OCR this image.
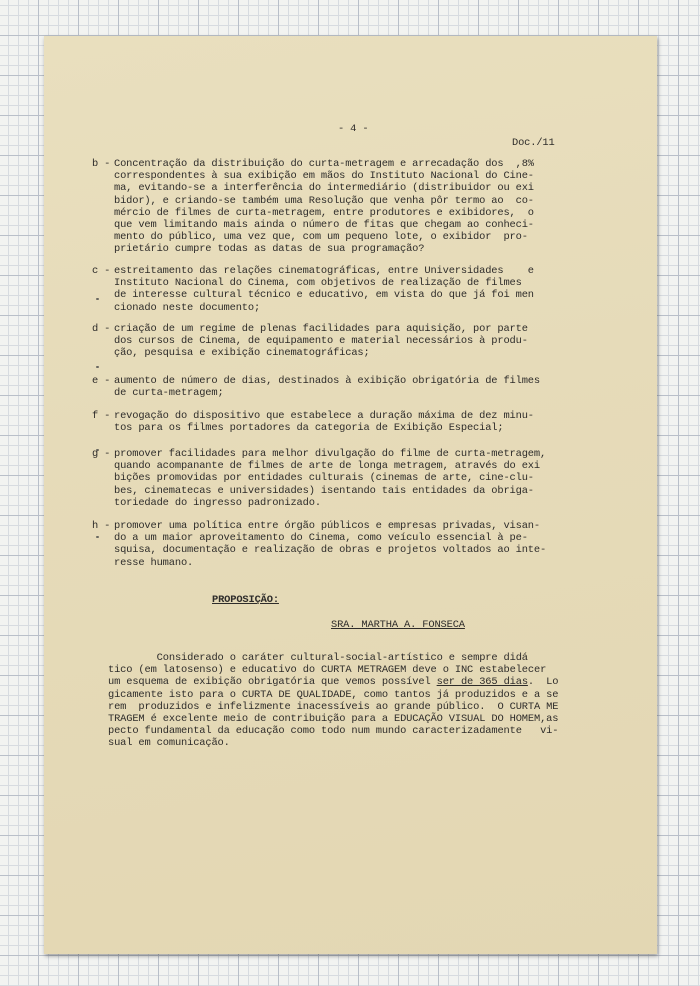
- 4 -
Doc./11
b - Concentração da distribuição do curta-metragem e arrecadação dos  ,8%
correspondentes à sua exibição em mãos do Instituto Nacional do Cine-
ma, evitando-se a interferência do intermediário (distribuidor ou exi
bidor), e criando-se também uma Resolução que venha pôr termo ao  co-
mércio de filmes de curta-metragem, entre produtores e exibidores,  o
que vem limitando mais ainda o número de fitas que chegam ao conheci-
mento do público, uma vez que, com um pequeno lote, o exibidor  pro-
prietário cumpre todas as datas de sua programação?
c - estreitamento das relações cinematográficas, entre Universidades    e
Instituto Nacional do Cinema, com objetivos de realização de filmes
de interesse cultural técnico e educativo, em vista do que já foi men
cionado neste documento;
d - criação de um regime de plenas facilidades para aquisição, por parte
dos cursos de Cinema, de equipamento e material necessários à produ-
ção, pesquisa e exibição cinematográficas;
e - aumento de número de dias, destinados à exibição obrigatória de filmes
de curta-metragem;
f - revogação do dispositivo que estabelece a duração máxima de dez minu-
tos para os filmes portadores da categoria de Exibição Especial;
g - promover facilidades para melhor divulgação do filme de curta-metragem,
quando acompanante de filmes de arte de longa metragem, através do exi
bições promovidas por entidades culturais (cinemas de arte, cine-clu-
bes, cinematecas e universidades) isentando tais entidades da obriga-
toriedade do ingresso padronizado.
h - promover uma política entre órgão públicos e empresas privadas, visan-
do a um maior aproveitamento do Cinema, como veículo essencial à pe-
squisa, documentação e realização de obras e projetos voltados ao inte-
resse humano.
PROPOSIÇÃO:
SRA. MARTHA A. FONSECA
Considerado o caráter cultural-social-artístico e sempre didá
tico (em latosenso) e educativo do CURTA METRAGEM deve o INC estabelecer
um esquema de exibição obrigatória que vemos possível ser de 365 dias.  Lo
gicamente isto para o CURTA DE QUALIDADE, como tantos já produzidos e a se
rem  produzidos e infelizmente inacessíveis ao grande público.  O CURTA ME
TRAGEM é excelente meio de contribuição para a EDUCAÇÃO VISUAL DO HOMEM,as
pecto fundamental da educação como todo num mundo caracterizadamente   vi-
sual em comunicação.
